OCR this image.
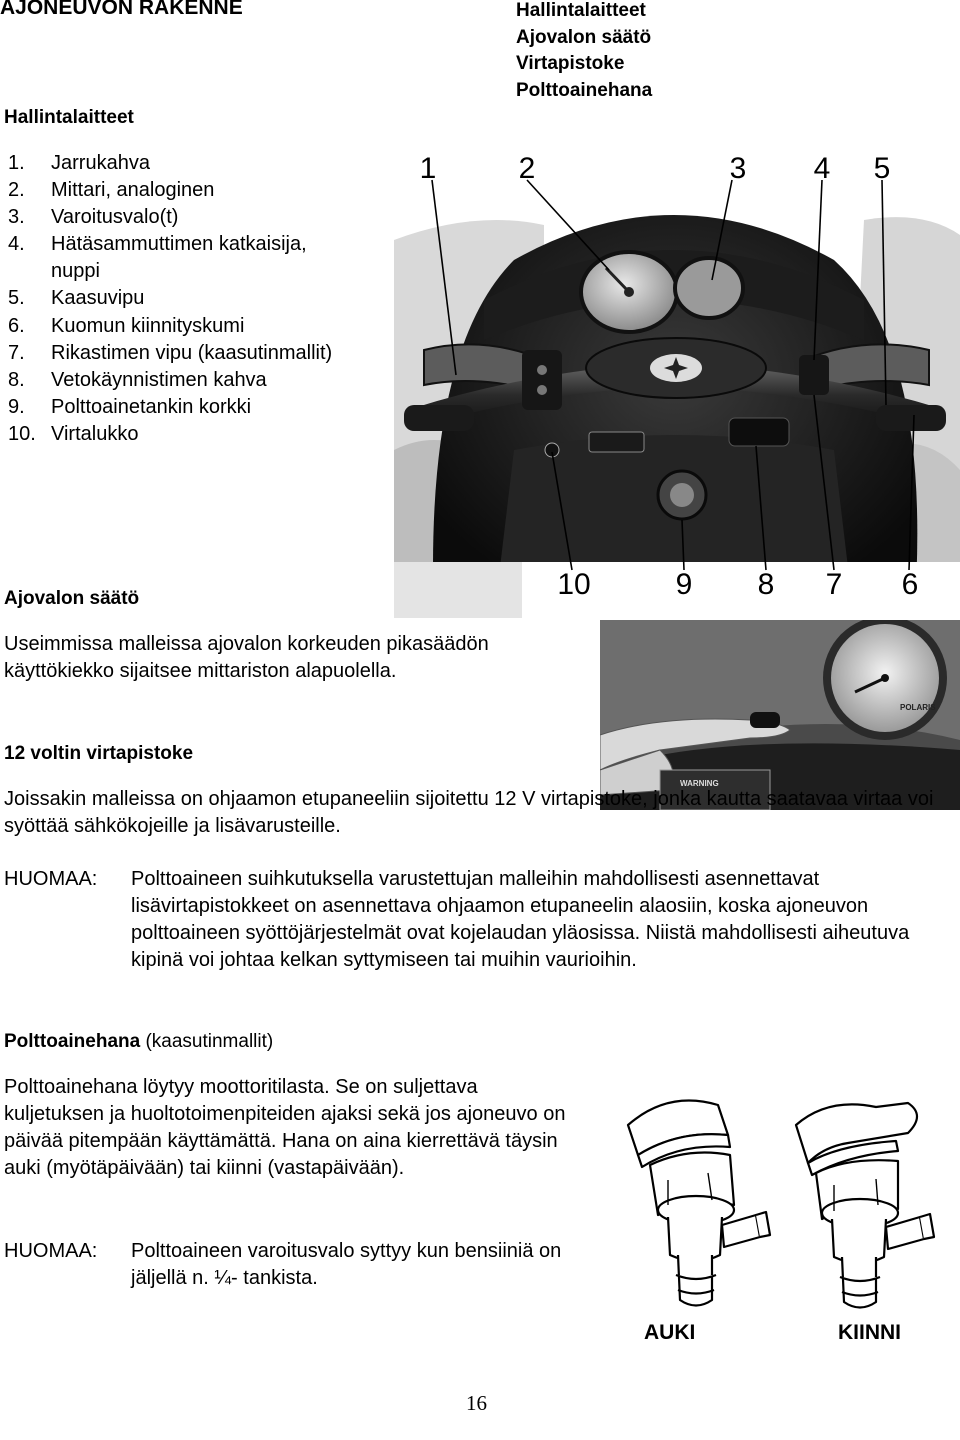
AJONEUVON RAKENNE	Hallintalaitteet
Ajovalon säätö
Virtapistoke
Polttoainehana
Hallintalaitteet
1.	Jarrukahva
2.	Mittari, analoginen
3.	Varoitusvalo(t)
4.	Hätäsammuttimen katkaisija, nuppi
5.	Kaasuvipu
6.	Kuomun kiinnityskumi
7.	Rikastimen vipu (kaasutinmallit)
8.	Vetokäynnistimen kahva
9.	Polttoainetankin korkki
10. Virtalukko
1	2	3 4 5
10	9 8 7 6
POLARIS
WARNING
Ajovalon säätö
Useimmissa malleissa ajovalon korkeuden pikasäädön käyttökiekko sijaitsee mittariston alapuolella.
12 voltin virtapistoke
Joissakin malleissa on ohjaamon etupaneeliin sijoitettu 12 V virtapistoke, jonka kautta saatavaa virtaa voi syöttää sähkökojeille ja lisävarusteille.
HUOMAA: Polttoaineen suihkutuksella varustettujan malleihin mahdollisesti asennettavat lisävirtapistokkeet on asennettava ohjaamon etupaneelin alaosiin, koska ajoneuvon polttoaineen syöttöjärjestelmät ovat kojelaudan yläosissa. Niistä mahdollisesti aiheutuva kipinä voi johtaa kelkan syttymiseen tai muihin vaurioihin.
Polttoainehana (kaasutinmallit)
Polttoainehana löytyy moottoritilasta. Se on suljettava kuljetuksen ja huoltotoimenpiteiden ajaksi sekä jos ajoneuvo on päivää pitempään käyttämättä. Hana on aina kierrettävä täysin auki (myötäpäivään) tai kiinni (vastapäivään).
HUOMAA: Polttoaineen varoitusvalo syttyy kun bensiiniä on jäljellä n. ¼- tankista.
AUKI	KIINNI
16
